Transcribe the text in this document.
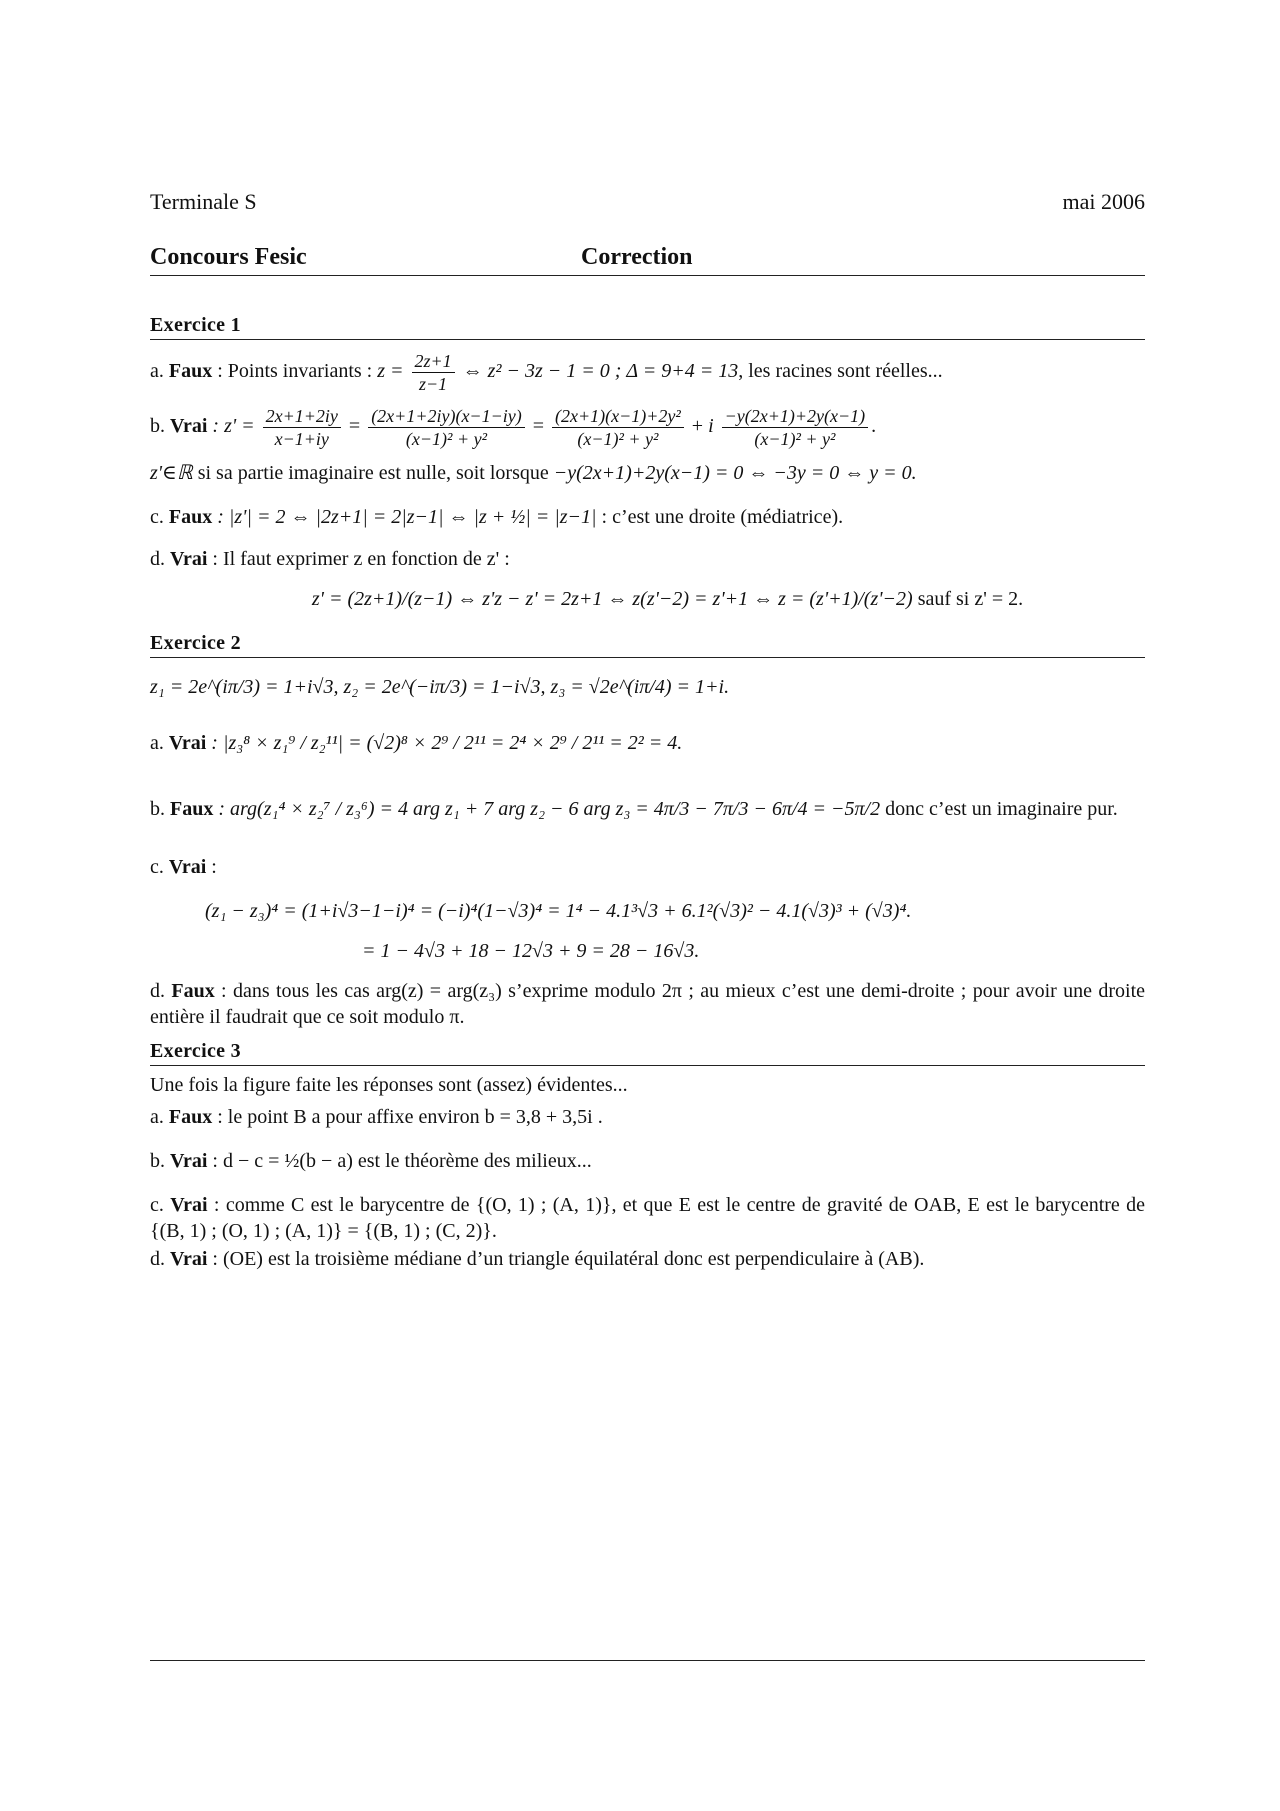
Terminale S	mai 2006
Concours Fesic	Correction
Exercice 1
a. Faux : Points invariants : $z = \frac{2z+1}{z-1}$ ⇔ z² − 3z − 1 = 0 ; Δ = 9+4 = 13, les racines sont réelles...
b. Vrai : $z' = \frac{2x+1+2iy}{x-1+iy} = \frac{(2x+1+2iy)(x-1-iy)}{\text{(x−1)² + y²}} = \frac{\text{(2x+1)(x−1)+2y²}}{\text{(x−1)² + y²}} + i \frac{-y(2x+1)+2y(x-1)}{\text{(x−1)² + y²}}$ .
z'∈ℝ si sa partie imaginaire est nulle, soit lorsque −y(2x+1)+2y(x−1) = 0 ⇔ −3y = 0 ⇔ y = 0.
c. Faux : |z'| = 2 ⇔ |2z+1| = 2|z−1| ⇔ |z + ½| = |z−1| : c’est une droite (médiatrice).
d. Vrai : Il faut exprimer z en fonction de z' :
z' = (2z+1)/(z−1) ⇔ z'z − z' = 2z+1 ⇔ z(z'−2) = z'+1 ⇔ z = (z'+1)/(z'−2) sauf si z' = 2.
Exercice 2
z₁ = 2e^(iπ/3) = 1+i√3, z₂ = 2e^(−iπ/3) = 1−i√3, z₃ = √2e^(iπ/4) = 1+i.
a. Vrai : |z₃⁸ × z₁⁹ / z₂¹¹| = (√2)⁸ × 2⁹ / 2¹¹ = 2⁴ × 2⁹ / 2¹¹ = 2² = 4.
b. Faux : arg(z₁⁴ × z₂⁷ / z₃⁶) = 4 arg z₁ + 7 arg z₂ − 6 arg z₃ = 4π/3 − 7π/3 − 6π/4 = −5π/2 donc c’est un imaginaire pur.
c. Vrai :
(z₁ − z₃)⁴ = (1+i√3−1−i)⁴ = (−i)⁴(1−√3)⁴ = 1⁴ − 4.1³√3 + 6.1²(√3)² − 4.1(√3)³ + (√3)⁴.
= 1 − 4√3 + 18 − 12√3 + 9 = 28 − 16√3.
d. Faux : dans tous les cas arg(z) = arg(z₃) s’exprime modulo 2π ; au mieux c’est une demi-droite ; pour avoir une droite entière il faudrait que ce soit modulo π.
Exercice 3
Une fois la figure faite les réponses sont (assez) évidentes...
a. Faux : le point B a pour affixe environ b = 3,8 + 3,5i .
b. Vrai : d − c = ½(b − a) est le théorème des milieux...
c. Vrai : comme C est le barycentre de {(O, 1) ; (A, 1)}, et que E est le centre de gravité de OAB, E est le barycentre de {(B, 1) ; (O, 1) ; (A, 1)} = {(B, 1) ; (C, 2)}.
d. Vrai : (OE) est la troisième médiane d’un triangle équilatéral donc est perpendiculaire à (AB).
